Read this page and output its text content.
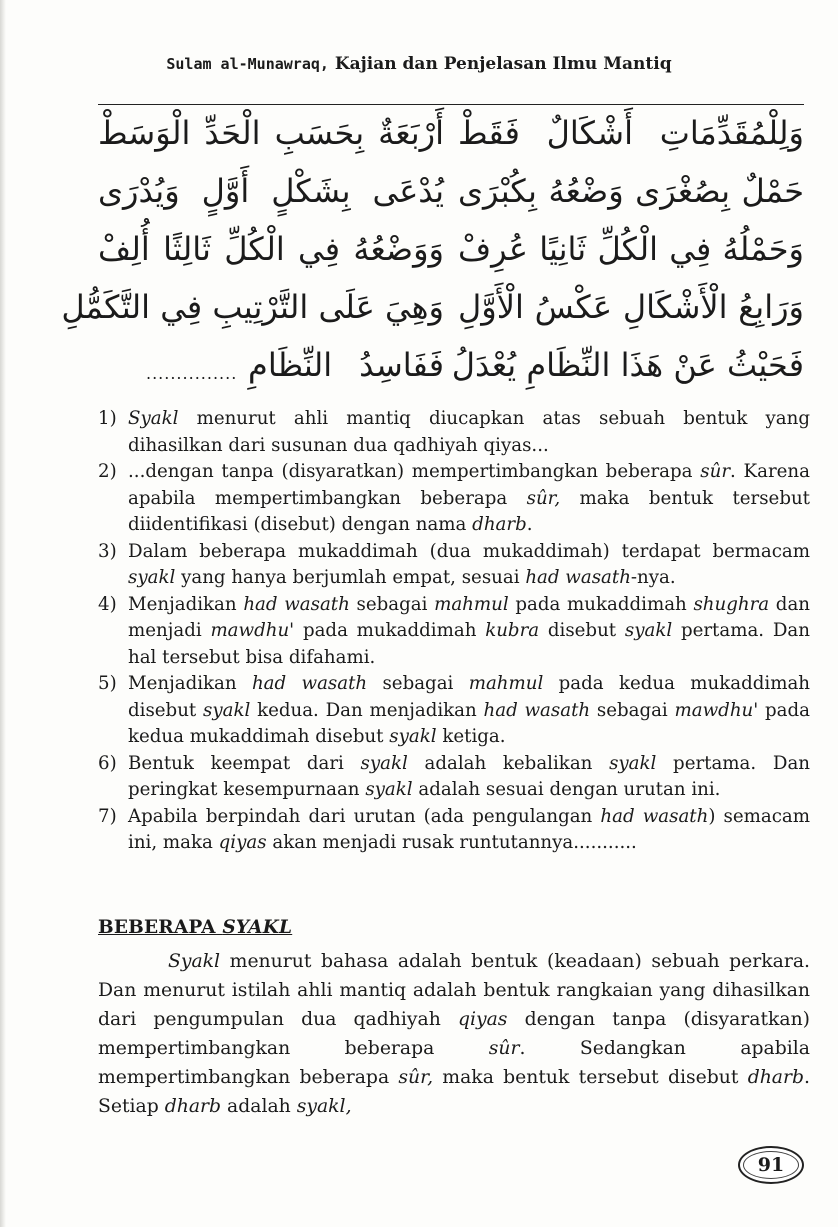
Sulam al-Munawraq, Kajian dan Penjelasan Ilmu Mantiq
وَلِلْمُقَدِّمَاتِ أَشْكَالٌ فَقَطْ
أَرْبَعَةٌ بِحَسَبِ الْحَدِّ الْوَسَطْ
حَمْلٌ بِصُغْرَى وَضْعُهُ بِكُبْرَى
يُدْعَى بِشَكْلٍ أَوَّلٍ وَيُدْرَى
وَحَمْلُهُ فِي الْكُلِّ ثَانِيًا عُرِفْ
وَوَضْعُهُ فِي الْكُلِّ ثَالِثًا أُلِفْ
وَرَابِعُ الْأَشْكَالِ عَكْسُ الْأَوَّلِ
وَهِيَ عَلَى التَّرْتِيبِ فِي التَّكَمُّلِ
فَحَيْثُ عَنْ هَذَا النِّظَامِ يُعْدَلُ
فَفَاسِدُ النِّظَامِ
...............
1) Syakl menurut ahli mantiq diucapkan atas sebuah bentuk yang dihasilkan dari susunan dua qadhiyah qiyas...
2) ...dengan tanpa (disyaratkan) mempertimbangkan beberapa sûr. Karena apabila mempertimbangkan beberapa sûr, maka bentuk tersebut diidentifikasi (disebut) dengan nama dharb.
3) Dalam beberapa mukaddimah (dua mukaddimah) terdapat bermacam syakl yang hanya berjumlah empat, sesuai had wasath-nya.
4) Menjadikan had wasath sebagai mahmul pada mukaddimah shughra dan menjadi mawdhu' pada mukaddimah kubra disebut syakl pertama. Dan hal tersebut bisa difahami.
5) Menjadikan had wasath sebagai mahmul pada kedua mukaddimah disebut syakl kedua. Dan menjadikan had wasath sebagai mawdhu' pada kedua mukaddimah disebut syakl ketiga.
6) Bentuk keempat dari syakl adalah kebalikan syakl pertama. Dan peringkat kesempurnaan syakl adalah sesuai dengan urutan ini.
7) Apabila berpindah dari urutan (ada pengulangan had wasath) semacam ini, maka qiyas akan menjadi rusak runtutannya...........
BEBERAPA SYAKL

Syakl menurut bahasa adalah bentuk (keadaan) sebuah perkara. Dan menurut istilah ahli mantiq adalah bentuk rangkaian yang dihasilkan dari pengumpulan dua qadhiyah qiyas dengan tanpa (disyaratkan) mempertimbangkan beberapa sûr. Sedangkan apabila mempertimbangkan beberapa sûr, maka bentuk tersebut disebut dharb. Setiap dharb adalah syakl,

91
